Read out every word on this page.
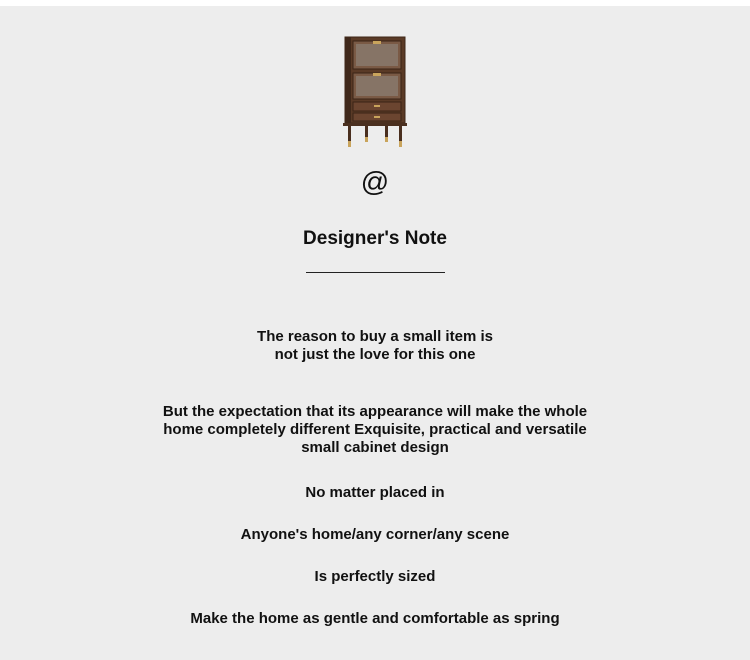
@
Designer's Note
The reason to buy a small item is
not just the love for this one
But the expectation that its appearance will make the whole
home completely different Exquisite, practical and versatile
small cabinet design
No matter placed in
Anyone's home/any corner/any scene
Is perfectly sized
Make the home as gentle and comfortable as spring
